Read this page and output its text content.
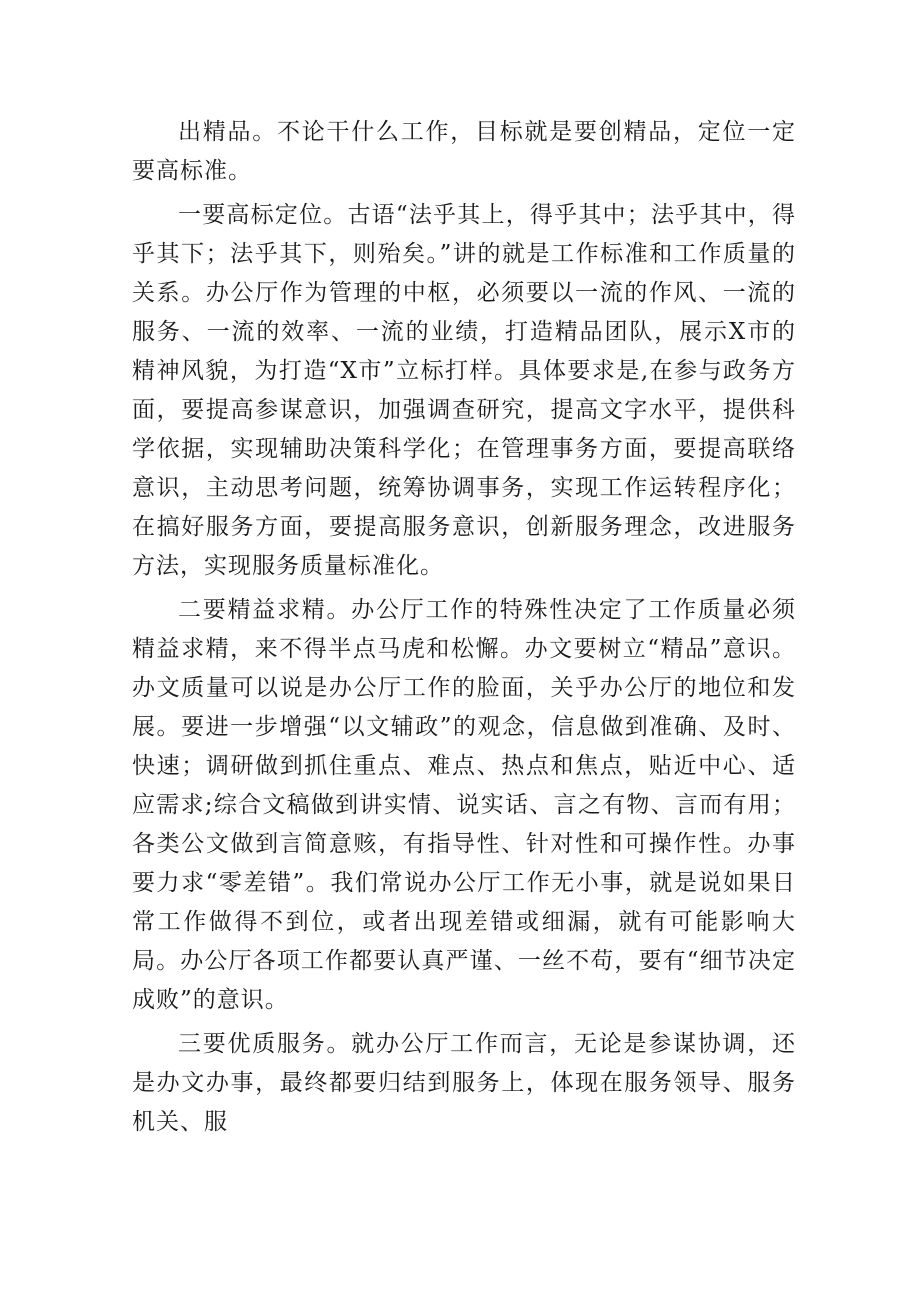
出精品。不论干什么工作，目标就是要创精品，定位一定要高标准。

一要高标定位。古语“法乎其上，得乎其中；法乎其中，得乎其下；法乎其下，则殆矣。”讲的就是工作标准和工作质量的关系。办公厅作为管理的中枢，必须要以一流的作风、一流的服务、一流的效率、一流的业绩，打造精品团队，展示X市的精神风貌，为打造“X市”立标打样。具体要求是,在参与政务方面，要提高参谋意识，加强调查研究，提高文字水平，提供科学依据，实现辅助决策科学化；在管理事务方面，要提高联络意识，主动思考问题，统筹协调事务，实现工作运转程序化；在搞好服务方面，要提高服务意识，创新服务理念，改进服务方法，实现服务质量标准化。

二要精益求精。办公厅工作的特殊性决定了工作质量必须精益求精，来不得半点马虎和松懈。办文要树立“精品”意识。办文质量可以说是办公厅工作的脸面，关乎办公厅的地位和发展。要进一步增强“以文辅政”的观念，信息做到准确、及时、快速；调研做到抓住重点、难点、热点和焦点，贴近中心、适应需求;综合文稿做到讲实情、说实话、言之有物、言而有用；各类公文做到言简意赅，有指导性、针对性和可操作性。办事要力求“零差错”。我们常说办公厅工作无小事，就是说如果日常工作做得不到位，或者出现差错或细漏，就有可能影响大局。办公厅各项工作都要认真严谨、一丝不苟，要有“细节决定成败”的意识。

三要优质服务。就办公厅工作而言，无论是参谋协调，还是办文办事，最终都要归结到服务上，体现在服务领导、服务机关、服
